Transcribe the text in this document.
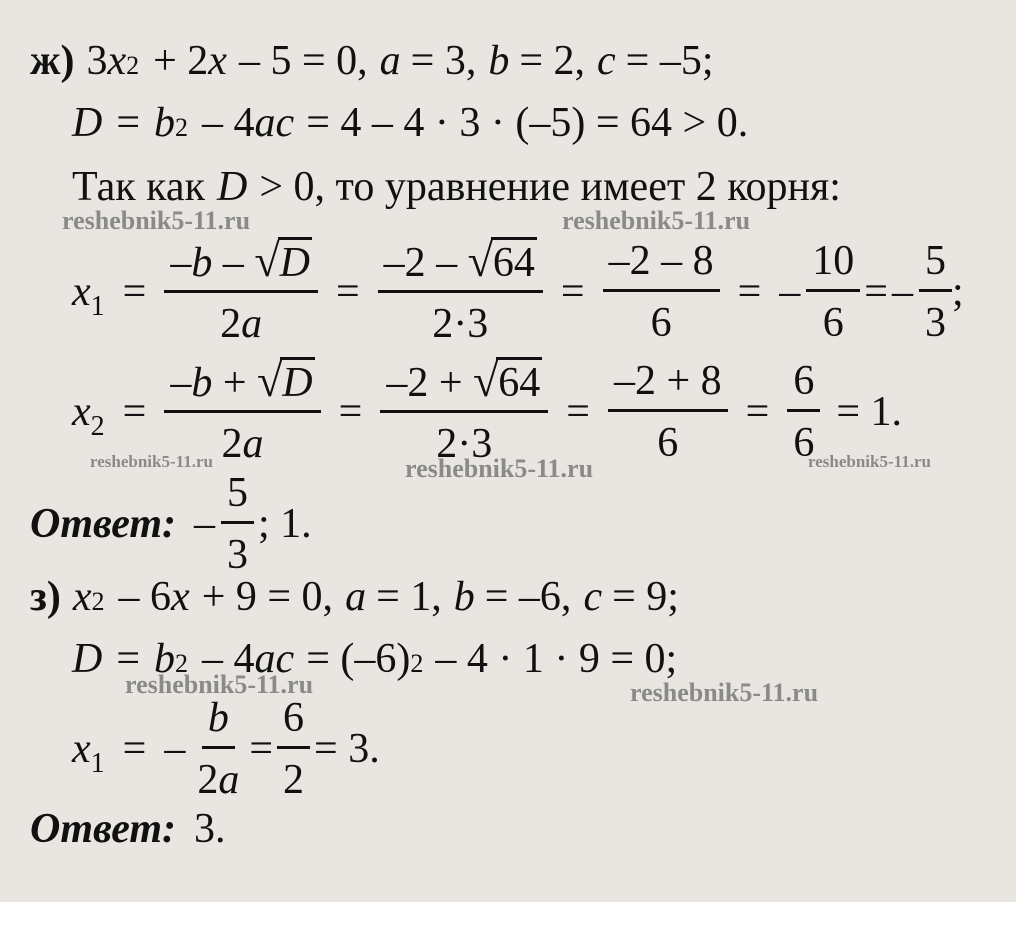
ж) 3 x 2 + 2 x – 5 = 0, a = 3, b = 2, c = –5;
D = b 2 – 4 ac = 4 – 4 · 3 · (–5) = 64 > 0.
Так как D > 0, то уравнение имеет 2 корня:
$x_1 = \frac{-b - √ D}{2a} = \frac{-2 - √ 64}{2\cdot 3} = \frac{-2 - 8}{6}$ = – $\frac{10}{6}$ = – $\frac{5}{3}$ ;
$x_2 = \frac{-b + √ D}{2a} = \frac{-2 + √ 64}{2\cdot 3} = \frac{-2 + 8}{6} = \frac{6}{6} = 1$.
Ответ: – $\frac{5}{3}$ ; 1.
з) x 2 – 6 x + 9 = 0, a = 1, b = –6, c = 9;
D = b 2 – 4 ac = (–6) 2 – 4 · 1 · 9 = 0;
$x_1$ = – $\frac{b}{2a} = \frac{6}{2} = 3$.
Ответ: 3.
reshebnik5-11.ru	reshebnik5-11.ru
reshebnik5-11.ru	reshebnik5-11.ru	reshebnik5-11.ru
reshebnik5-11.ru	reshebnik5-11.ru
